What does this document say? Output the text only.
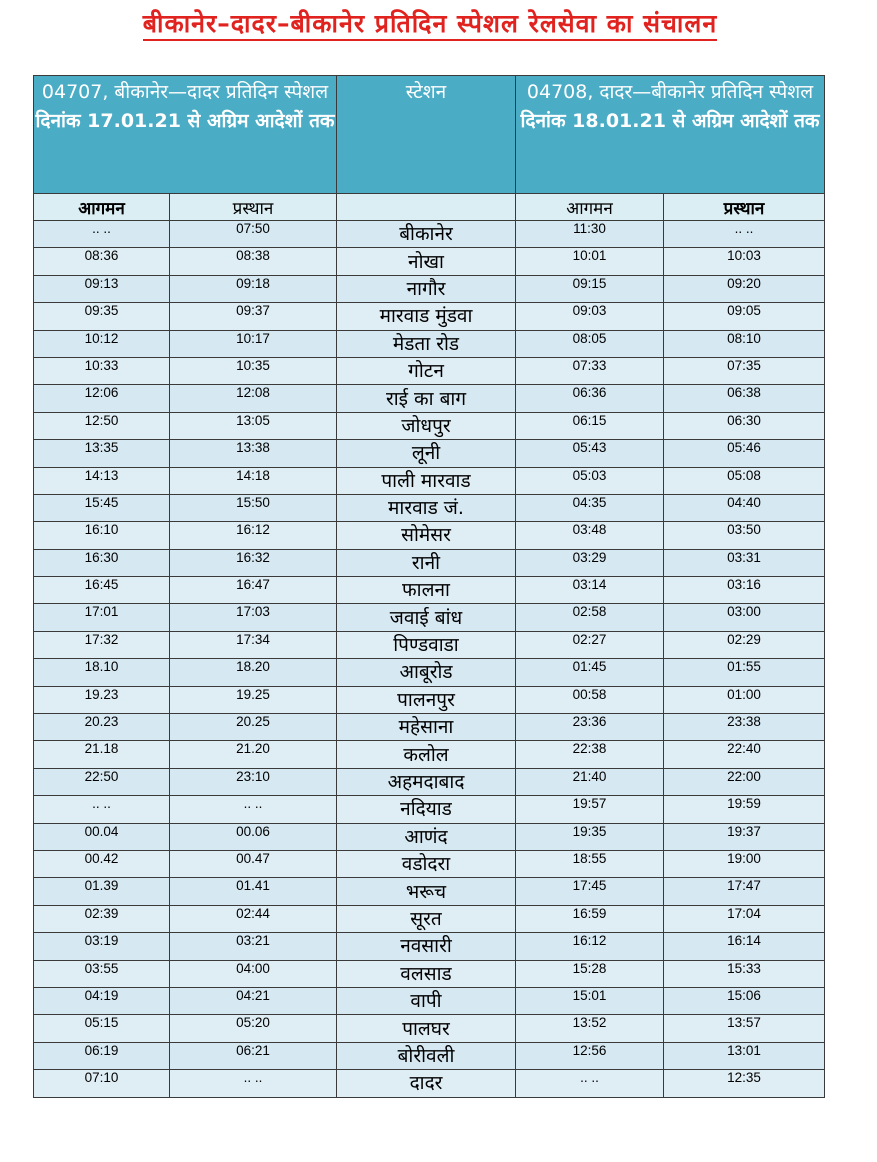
बीकानेर–दादर–बीकानेर प्रतिदिन स्पेशल रेलसेवा का संचालन
04707, बीकानेर—दादर प्रतिदिन स्पेशल
दिनांक 17.01.21 से अग्रिम आदेशों तक		स्टेशन	04708, दादर—बीकानेर प्रतिदिन स्पेशल
दिनांक 18.01.21 से अग्रिम आदेशों तक	

आगमन	प्रस्थान		आगमन	प्रस्थान
.. ..	07:50	बीकानेर	11:30	.. ..
08:36	08:38	नोखा	10:01	10:03
09:13	09:18	नागौर	09:15	09:20
09:35	09:37	मारवाड मुंडवा	09:03	09:05
10:12	10:17	मेडता रोड	08:05	08:10
10:33	10:35	गोटन	07:33	07:35
12:06	12:08	राई का बाग	06:36	06:38
12:50	13:05	जोधपुर	06:15	06:30
13:35	13:38	लूनी	05:43	05:46
14:13	14:18	पाली मारवाड	05:03	05:08
15:45	15:50	मारवाड जं.	04:35	04:40
16:10	16:12	सोमेसर	03:48	03:50
16:30	16:32	रानी	03:29	03:31
16:45	16:47	फालना	03:14	03:16
17:01	17:03	जवाई बांध	02:58	03:00
17:32	17:34	पिण्डवाडा	02:27	02:29
18.10	18.20	आबूरोड	01:45	01:55
19.23	19.25	पालनपुर	00:58	01:00
20.23	20.25	महेसाना	23:36	23:38
21.18	21.20	कलोल	22:38	22:40
22:50	23:10	अहमदाबाद	21:40	22:00
.. ..	.. ..	नदियाड	19:57	19:59
00.04	00.06	आणंद	19:35	19:37
00.42	00.47	वडोदरा	18:55	19:00
01.39	01.41	भरूच	17:45	17:47
02:39	02:44	सूरत	16:59	17:04
03:19	03:21	नवसारी	16:12	16:14
03:55	04:00	वलसाड	15:28	15:33
04:19	04:21	वापी	15:01	15:06
05:15	05:20	पालघर	13:52	13:57
06:19	06:21	बोरीवली	12:56	13:01
07:10	.. ..	दादर	.. ..	12:35
